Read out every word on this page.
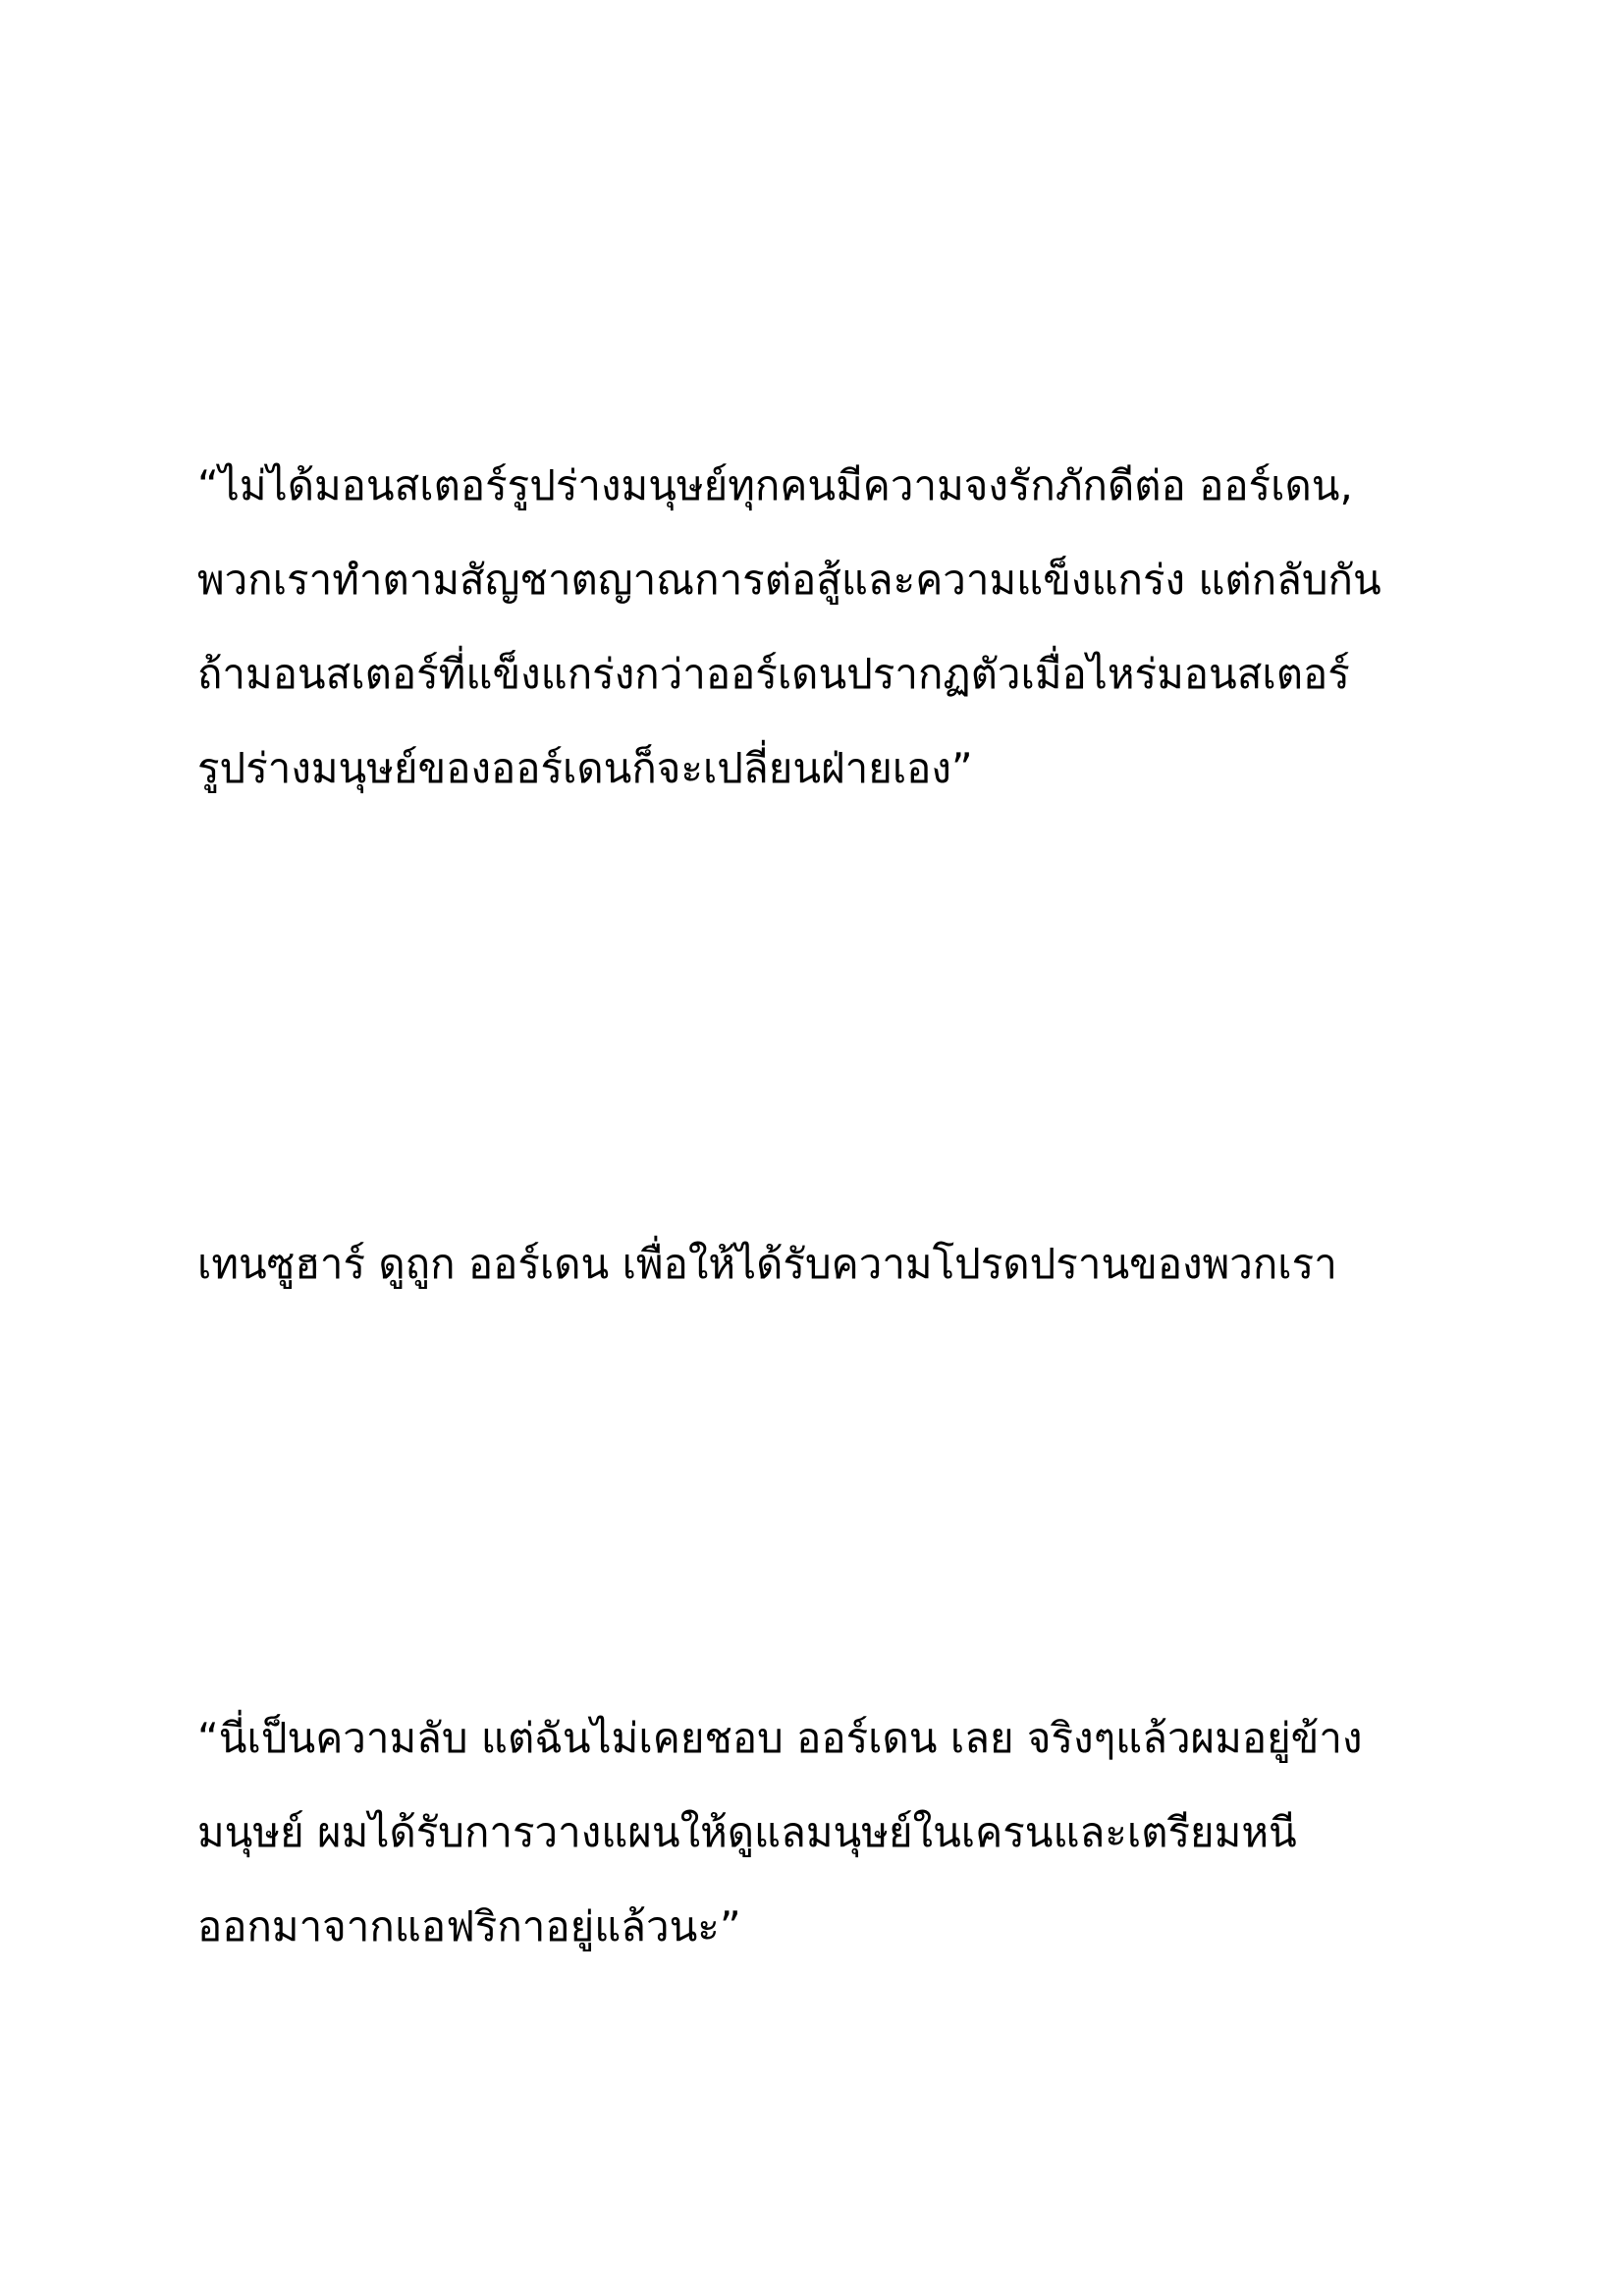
“ไม่ได้มอนสเตอร์รูปร่างมนุษย์ทุกคนมีความจงรักภักดีต่อ ออร์เดน,
พวกเราทำตามสัญชาตญาณการต่อสู้และความแข็งแกร่ง แต่กลับกัน
ถ้ามอนสเตอร์ที่แข็งแกร่งกว่าออร์เดนปรากฏตัวเมื่อไหร่มอนสเตอร์
รูปร่างมนุษย์ของออร์เดนก็จะเปลี่ยนฝ่ายเอง”
เทนซูฮาร์ ดูถูก ออร์เดน เพื่อให้ได้รับความโปรดปรานของพวกเรา
“นี่เป็นความลับ แต่ฉันไม่เคยชอบ ออร์เดน เลย จริงๆแล้วผมอยู่ข้าง
มนุษย์ ผมได้รับการวางแผนให้ดูแลมนุษย์ในเครนและเตรียมหนี
ออกมาจากแอฟริกาอยู่แล้วนะ”
